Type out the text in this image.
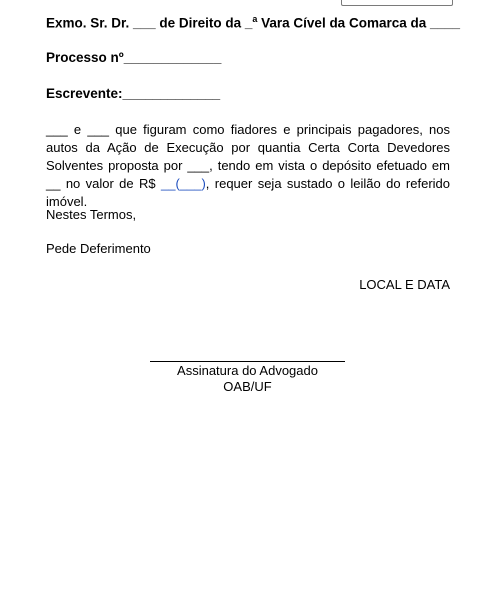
Exmo. Sr. Dr. ___ de Direito da _$^a$ Vara Cível da Comarca da ____
Processo nº_____________
Escrevente:_____________
___ e ___ que figuram como fiadores e principais pagadores, nos autos da Ação de Execução por quantia Certa Corta Devedores Solventes proposta por ___, tendo em vista o depósito efetuado em __ no valor de R$ __(___), requer seja sustado o leilão do referido imóvel.
Nestes Termos,
Pede Deferimento
LOCAL E DATA
Assinatura do Advogado
OAB/UF
